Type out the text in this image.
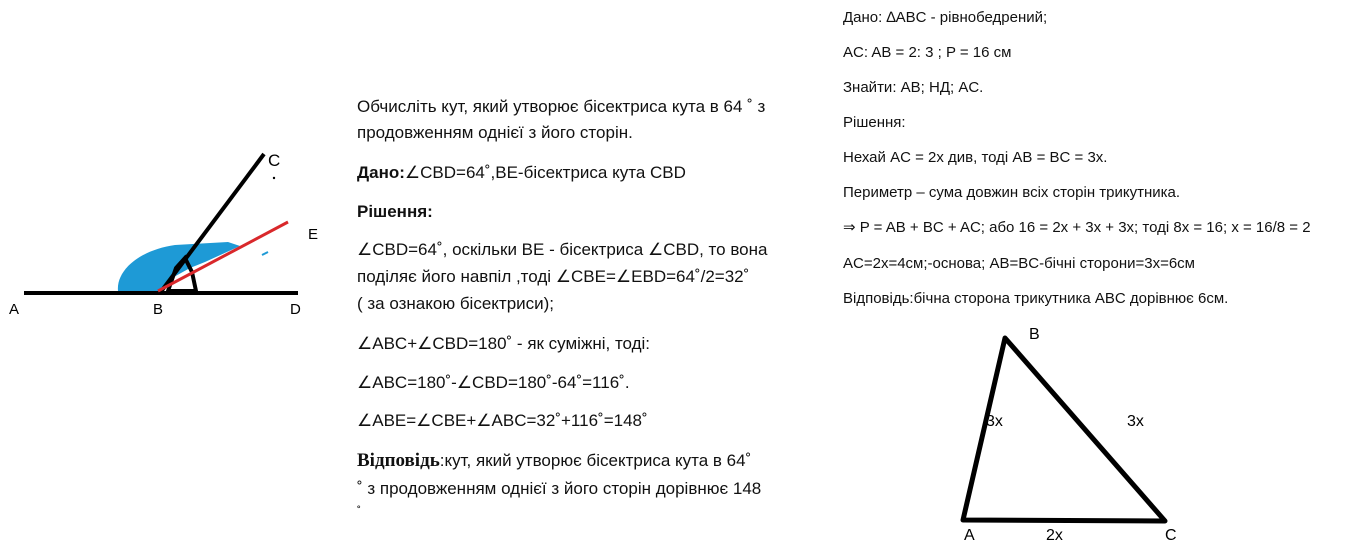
A	B	D
E
C
Обчисліть кут, який утворює бісектриса кута в 64 ˚ з
продовженням однієї з його сторін.
Дано:∠CBD=64˚,BE-бісектриса кута CBD
Рішення:
∠CBD=64˚, оскільки BE - бісектриса ∠CBD, то вона
поділяє його навпіл ,тоді ∠CBE=∠EBD=64˚/2=32˚
( за ознакою бісектриси);
∠ABC+∠CBD=180˚ - як суміжні, тоді:
∠ABC=180˚-∠CBD=180˚-64˚=116˚.
∠ABE=∠CBE+∠ABC=32˚+116˚=148˚
Відповідь:кут, який утворює бісектриса кута в 64˚
˚ з продовженням однієї з його сторін дорівнює 148
˚
Дано: ∆ABC - рівнобедрений;
AC: AB = 2: 3 ; P = 16 см
Знайти: AB; НД; AC.
Рішення:
Нехай AC = 2x див, тоді AB = BC = 3x.
Периметр – сума довжин всіх сторін трикутника.
⇒ P = AB + BC + AC; або 16 = 2x + 3x + 3x; тоді 8x = 16; x = 16/8 = 2
AC=2x=4см;-основа; AB=BC-бічні сторони=3x=6см
Відповідь:бічна сторона трикутника ABC дорівнює 6см.
B
A	C
3x	3x
2x
